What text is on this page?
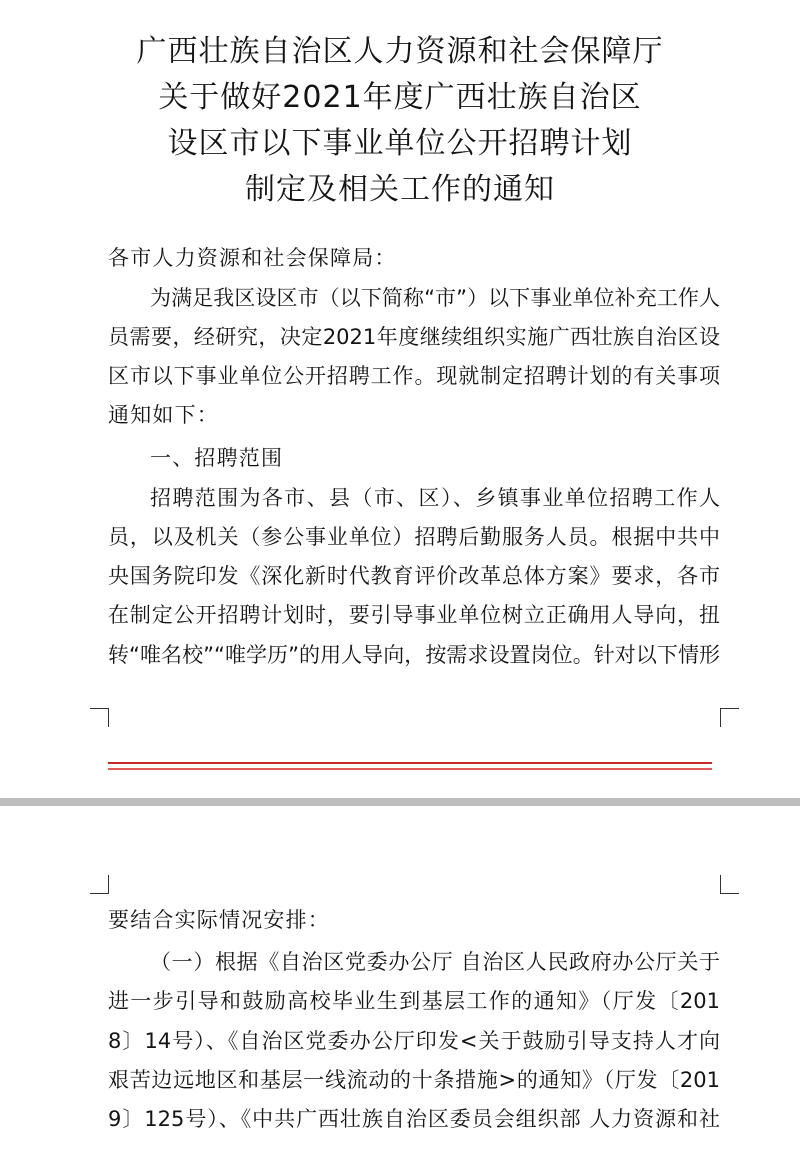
广西壮族自治区人力资源和社会保障厅
关于做好2021年度广西壮族自治区
设区市以下事业单位公开招聘计划
制定及相关工作的通知
各市人力资源和社会保障局：
为满足我区设区市（以下简称“市”）以下事业单位补充工作人
员需要，经研究，决定2021年度继续组织实施广西壮族自治区设
区市以下事业单位公开招聘工作。现就制定招聘计划的有关事项
通知如下：
一、招聘范围
招聘范围为各市、县（市、区）、乡镇事业单位招聘工作人
员，以及机关（参公事业单位）招聘后勤服务人员。根据中共中
央国务院印发《深化新时代教育评价改革总体方案》要求，各市
在制定公开招聘计划时，要引导事业单位树立正确用人导向，扭
转“唯名校”“唯学历”的用人导向，按需求设置岗位。针对以下情形
要结合实际情况安排：
（一）根据《自治区党委办公厅 自治区人民政府办公厅关于
进一步引导和鼓励高校毕业生到基层工作的通知》（厅发〔201
8〕14号）、《自治区党委办公厅印发<关于鼓励引导支持人才向
艰苦边远地区和基层一线流动的十条措施>的通知》（厅发〔201
9〕125号）、《中共广西壮族自治区委员会组织部 人力资源和社
